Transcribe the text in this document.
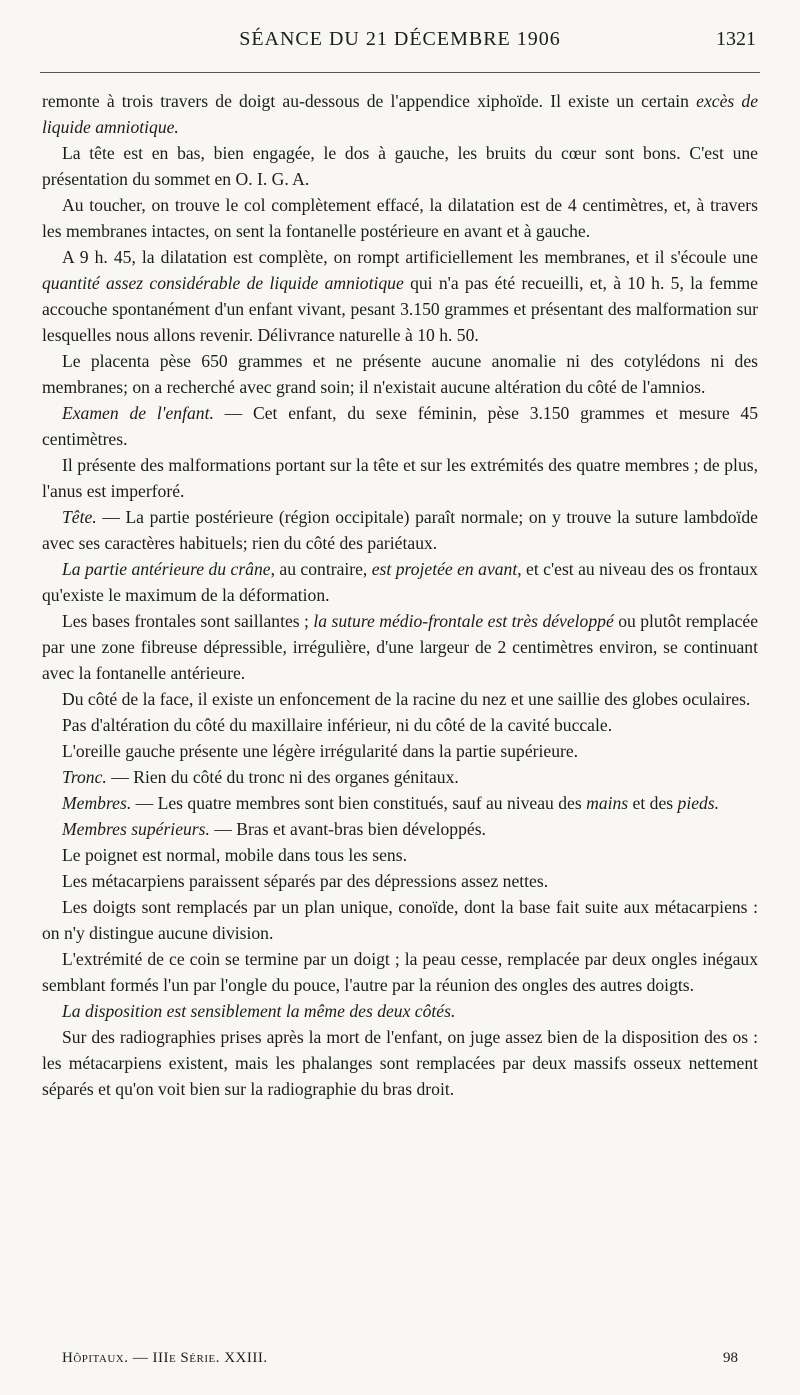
SÉANCE DU 21 DÉCEMBRE 1906	1321

remonte à trois travers de doigt au-dessous de l'appendice xiphoïde. Il existe un certain excès de liquide amniotique.

La tête est en bas, bien engagée, le dos à gauche, les bruits du cœur sont bons. C'est une présentation du sommet en O. I. G. A.

Au toucher, on trouve le col complètement effacé, la dilatation est de 4 centimètres, et, à travers les membranes intactes, on sent la fontanelle postérieure en avant et à gauche.

A 9 h. 45, la dilatation est complète, on rompt artificiellement les membranes, et il s'écoule une quantité assez considérable de liquide amniotique qui n'a pas été recueilli, et, à 10 h. 5, la femme accouche spontanément d'un enfant vivant, pesant 3.150 grammes et présentant des malformation sur lesquelles nous allons revenir. Délivrance naturelle à 10 h. 50.

Le placenta pèse 650 grammes et ne présente aucune anomalie ni des cotylédons ni des membranes; on a recherché avec grand soin; il n'existait aucune altération du côté de l'amnios.

Examen de l'enfant. — Cet enfant, du sexe féminin, pèse 3.150 grammes et mesure 45 centimètres.

Il présente des malformations portant sur la tête et sur les extrémités des quatre membres ; de plus, l'anus est imperforé.

Tête. — La partie postérieure (région occipitale) paraît normale; on y trouve la suture lambdoïde avec ses caractères habituels; rien du côté des pariétaux.

La partie antérieure du crâne, au contraire, est projetée en avant, et c'est au niveau des os frontaux qu'existe le maximum de la déformation.

Les bases frontales sont saillantes ; la suture médio-frontale est très développé ou plutôt remplacée par une zone fibreuse dépressible, irrégulière, d'une largeur de 2 centimètres environ, se continuant avec la fontanelle antérieure.

Du côté de la face, il existe un enfoncement de la racine du nez et une saillie des globes oculaires.

Pas d'altération du côté du maxillaire inférieur, ni du côté de la cavité buccale.

L'oreille gauche présente une légère irrégularité dans la partie supérieure.

Tronc. — Rien du côté du tronc ni des organes génitaux.

Membres. — Les quatre membres sont bien constitués, sauf au niveau des mains et des pieds.

Membres supérieurs. — Bras et avant-bras bien développés.

Le poignet est normal, mobile dans tous les sens.

Les métacarpiens paraissent séparés par des dépressions assez nettes.

Les doigts sont remplacés par un plan unique, conoïde, dont la base fait suite aux métacarpiens : on n'y distingue aucune division.

L'extrémité de ce coin se termine par un doigt ; la peau cesse, remplacée par deux ongles inégaux semblant formés l'un par l'ongle du pouce, l'autre par la réunion des ongles des autres doigts.

La disposition est sensiblement la même des deux côtés.

Sur des radiographies prises après la mort de l'enfant, on juge assez bien de la disposition des os : les métacarpiens existent, mais les phalanges sont remplacées par deux massifs osseux nettement séparés et qu'on voit bien sur la radiographie du bras droit.

Hôpitaux. — IIIe Série. XXIII.	98
